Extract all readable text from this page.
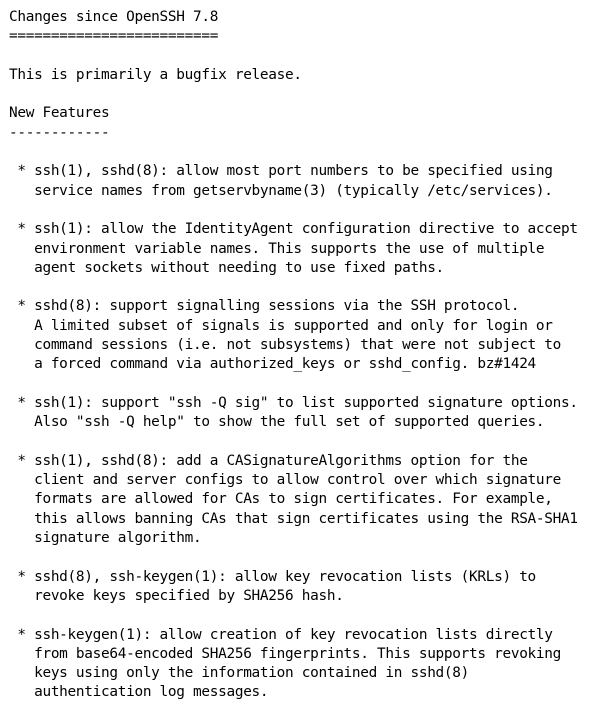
Changes since OpenSSH 7.8
=========================
This is primarily a bugfix release.
New Features
------------
* ssh(1), sshd(8): allow most port numbers to be specified using
service names from getservbyname(3) (typically /etc/services).
* ssh(1): allow the IdentityAgent configuration directive to accept
environment variable names. This supports the use of multiple
agent sockets without needing to use fixed paths.
* sshd(8): support signalling sessions via the SSH protocol.
A limited subset of signals is supported and only for login or
command sessions (i.e. not subsystems) that were not subject to
a forced command via authorized_keys or sshd_config. bz#1424
* ssh(1): support "ssh -Q sig" to list supported signature options.
Also "ssh -Q help" to show the full set of supported queries.
* ssh(1), sshd(8): add a CASignatureAlgorithms option for the
client and server configs to allow control over which signature
formats are allowed for CAs to sign certificates. For example,
this allows banning CAs that sign certificates using the RSA-SHA1
signature algorithm.
* sshd(8), ssh-keygen(1): allow key revocation lists (KRLs) to
revoke keys specified by SHA256 hash.
* ssh-keygen(1): allow creation of key revocation lists directly
from base64-encoded SHA256 fingerprints. This supports revoking
keys using only the information contained in sshd(8)
authentication log messages.
